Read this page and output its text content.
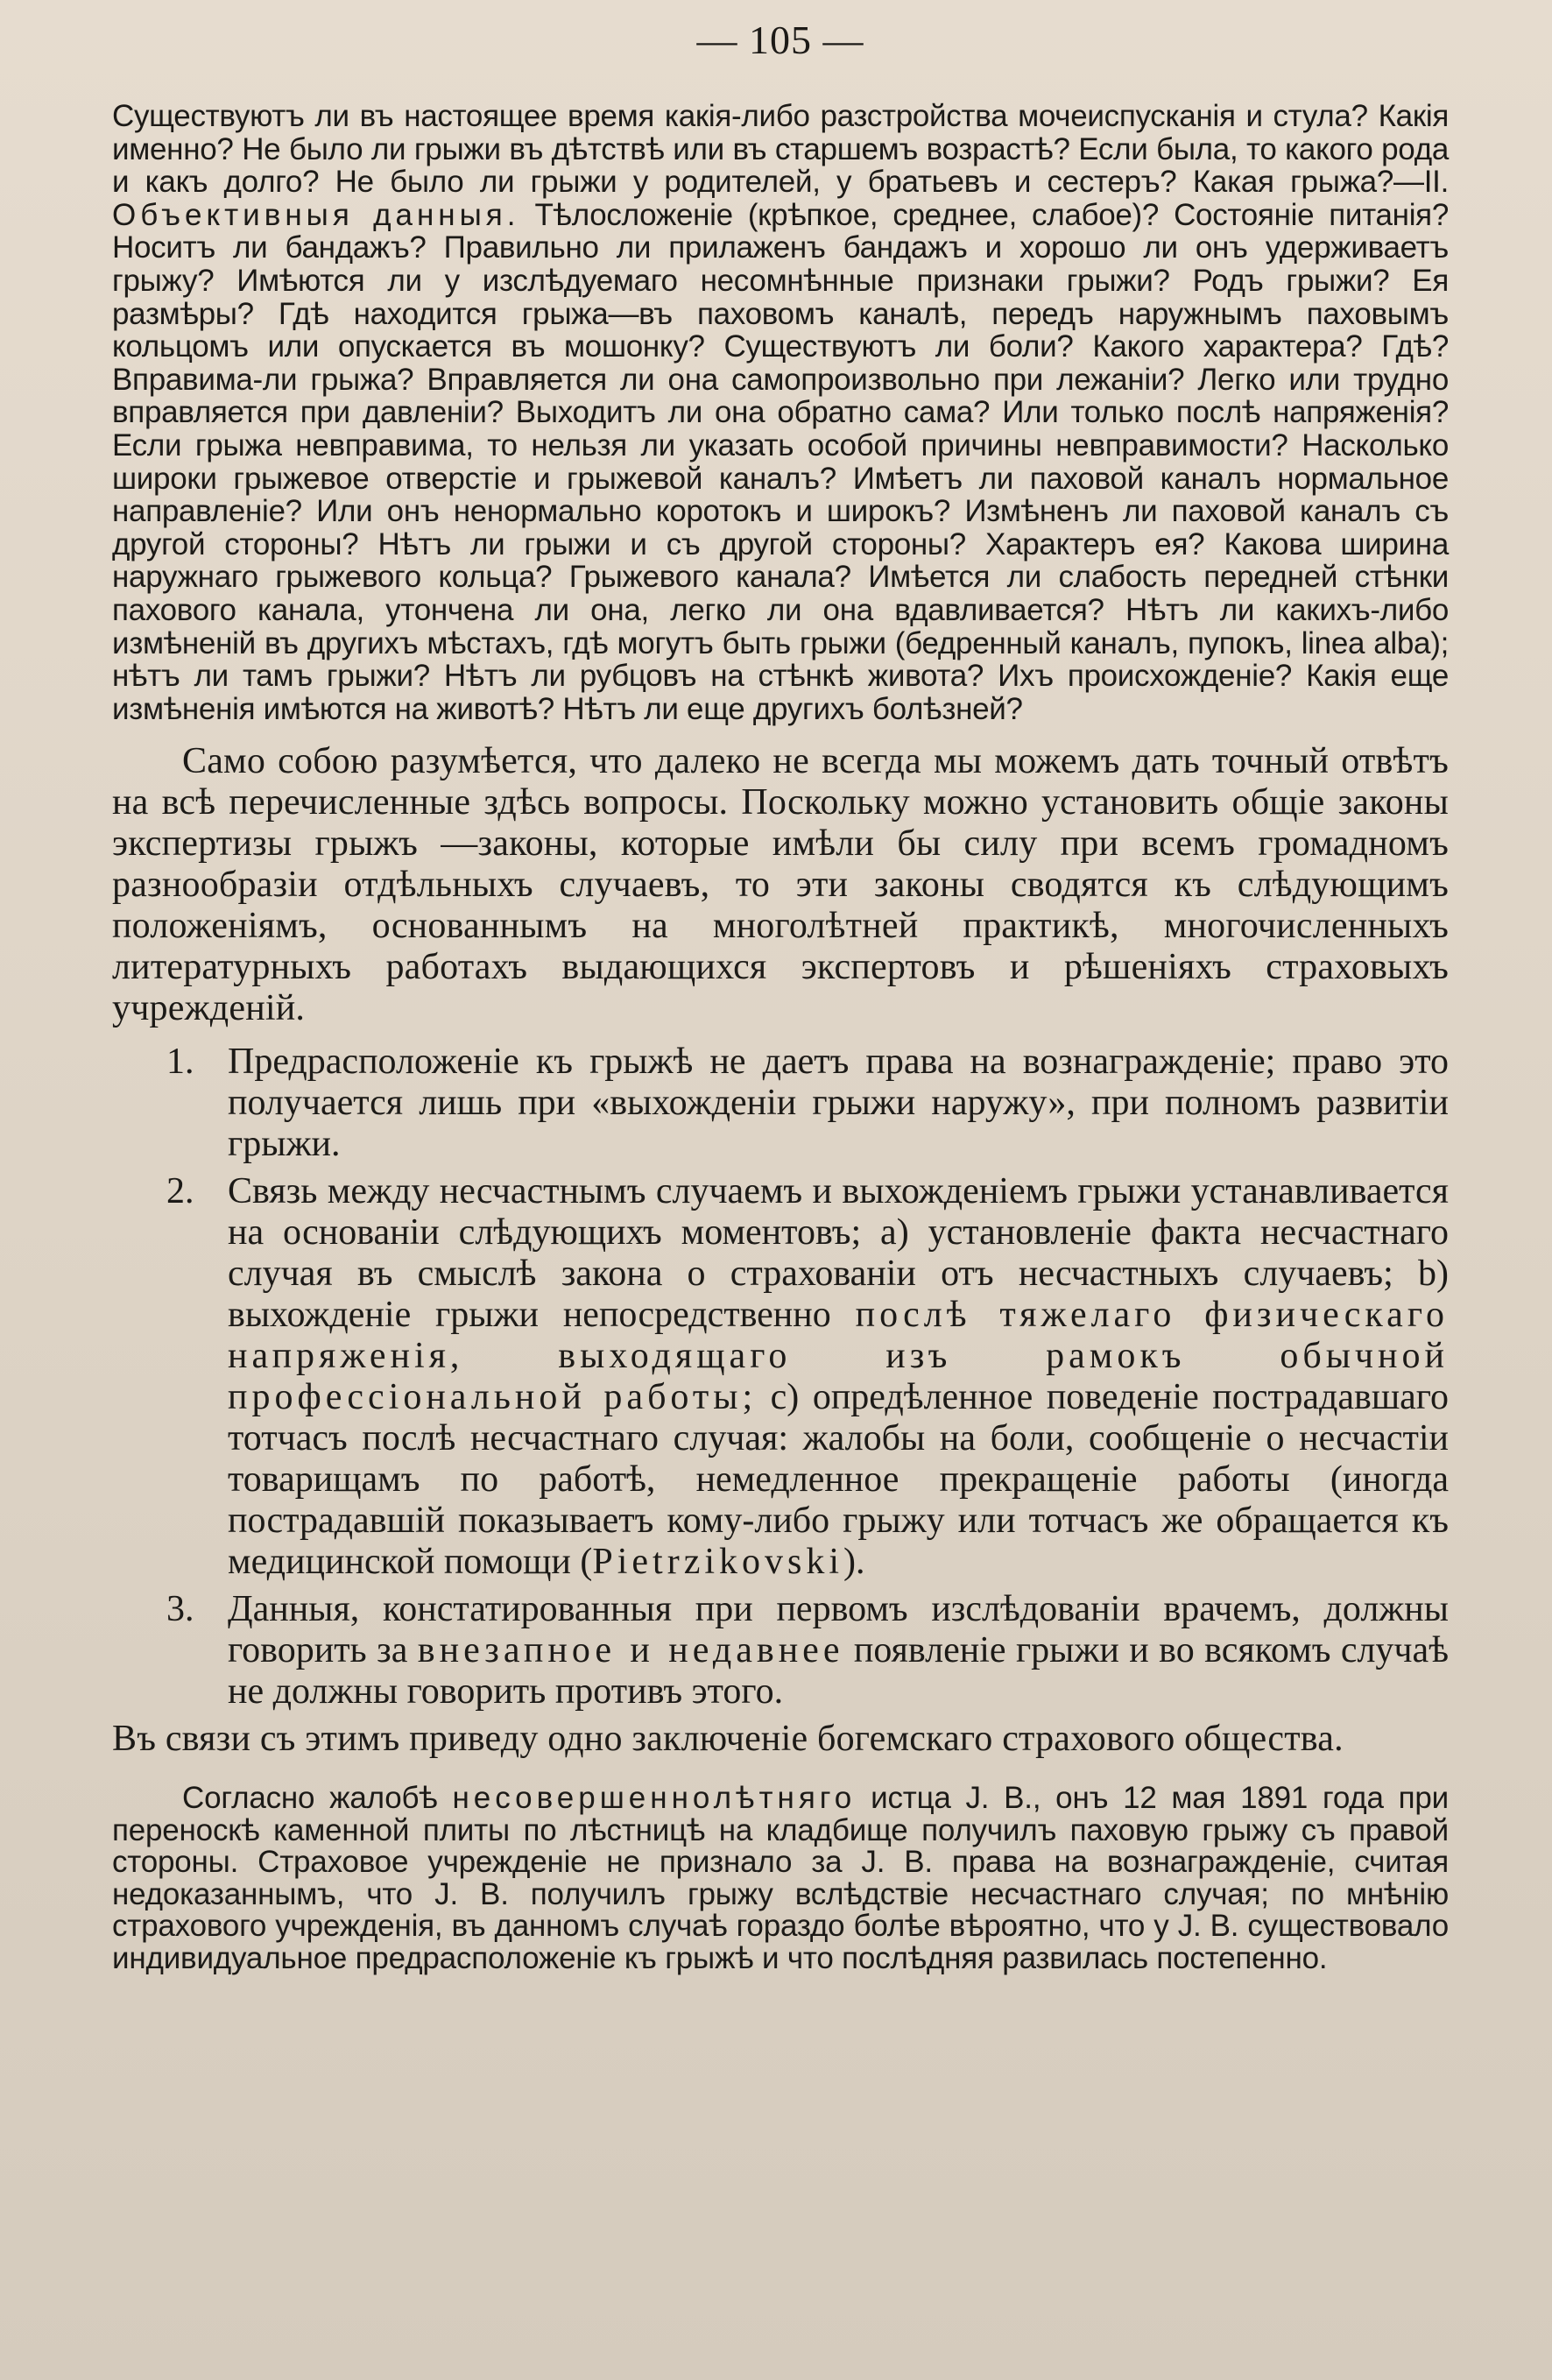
— 105 —

Существуютъ ли въ настоящее время какія-либо разстройства мочеиспусканія и стула? Какія именно? Не было ли грыжи въ дѣтствѣ или въ старшемъ возрастѣ? Если была, то какого рода и какъ долго? Не было ли грыжи у родителей, у братьевъ и сестеръ? Какая грыжа?—II. Объективныя данныя. Тѣлосложеніе (крѣпкое, среднее, слабое)? Состояніе питанія? Носитъ ли бандажъ? Правильно ли прилаженъ бандажъ и хорошо ли онъ удерживаетъ грыжу? Имѣются ли у изслѣдуемаго несомнѣнные признаки грыжи? Родъ грыжи? Ея размѣры? Гдѣ находится грыжа—въ паховомъ каналѣ, передъ наружнымъ паховымъ кольцомъ или опускается въ мошонку? Существуютъ ли боли? Какого характера? Гдѣ? Вправима-ли грыжа? Вправляется ли она самопроизвольно при лежаніи? Легко или трудно вправляется при давленіи? Выходитъ ли она обратно сама? Или только послѣ напряженія? Если грыжа невправима, то нельзя ли указать особой причины невправимости? Насколько широки грыжевое отверстіе и грыжевой каналъ? Имѣетъ ли паховой каналъ нормальное направленіе? Или онъ ненормально коротокъ и широкъ? Измѣненъ ли паховой каналъ съ другой стороны? Нѣтъ ли грыжи и съ другой стороны? Характеръ ея? Какова ширина наружнаго грыжевого кольца? Грыжевого канала? Имѣется ли слабость передней стѣнки пахового канала, утончена ли она, легко ли она вдавливается? Нѣтъ ли какихъ-либо измѣненій въ другихъ мѣстахъ, гдѣ могутъ быть грыжи (бедренный каналъ, пупокъ, linea alba); нѣтъ ли тамъ грыжи? Нѣтъ ли рубцовъ на стѣнкѣ живота? Ихъ происхожденіе? Какія еще измѣненія имѣются на животѣ? Нѣтъ ли еще другихъ болѣзней?

Само собою разумѣется, что далеко не всегда мы можемъ дать точный отвѣтъ на всѣ перечисленные здѣсь вопросы. Поскольку можно установить общіе законы экспертизы грыжъ —законы, которые имѣли бы силу при всемъ громадномъ разнообразіи отдѣльныхъ случаевъ, то эти законы сводятся къ слѣдующимъ положеніямъ, основаннымъ на многолѣтней практикѣ, многочисленныхъ литературныхъ работахъ выдающихся экспертовъ и рѣшеніяхъ страховыхъ учрежденій.

1. Предрасположеніе къ грыжѣ не даетъ права на вознагражденіе; право это получается лишь при «выхожденіи грыжи наружу», при полномъ развитіи грыжи.
2. Связь между несчастнымъ случаемъ и выхожденіемъ грыжи устанавливается на основаніи слѣдующихъ моментовъ; a) установленіе факта несчастнаго случая въ смыслѣ закона о страхованіи отъ несчастныхъ случаевъ; b) выхожденіе грыжи непосредственно послѣ тяжелаго физическаго напряженія, выходящаго изъ рамокъ обычной профессіональной работы; c) опредѣленное поведеніе пострадавшаго тотчасъ послѣ несчастнаго случая: жалобы на боли, сообщеніе о несчастіи товарищамъ по работѣ, немедленное прекращеніе работы (иногда пострадавшій показываетъ кому-либо грыжу или тотчасъ же обращается къ медицинской помощи (Pietrzikovski).
3. Данныя, констатированныя при первомъ изслѣдованіи врачемъ, должны говорить за внезапное и недавнее появленіе грыжи и во всякомъ случаѣ не должны говорить противъ этого.

Въ связи съ этимъ приведу одно заключеніе богемскаго страхового общества.

Согласно жалобѣ несовершеннолѣтняго истца J. B., онъ 12 мая 1891 года при переноскѣ каменной плиты по лѣстницѣ на кладбище получилъ паховую грыжу съ правой стороны. Страховое учрежденіе не признало за J. B. права на вознагражденіе, считая недоказаннымъ, что J. B. получилъ грыжу вслѣдствіе несчастнаго случая; по мнѣнію страхового учрежденія, въ данномъ случаѣ гораздо болѣе вѣроятно, что у J. B. существовало индивидуальное предрасположеніе къ грыжѣ и что послѣдняя развилась постепенно.
